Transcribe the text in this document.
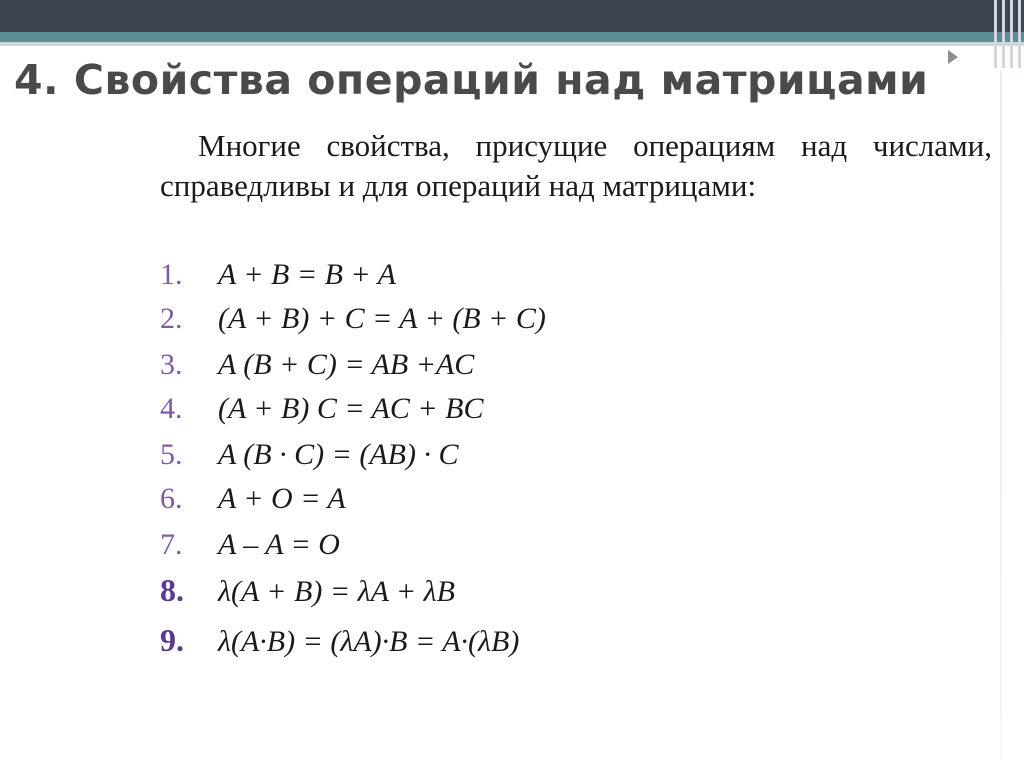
4. Свойства операций над матрицами
Многие свойства, присущие операциям над числами, справедливы и для операций над матрицами:
1. A + B = B + A
2. (A + B) + C = A + (B + C)
3. A (B + C) = AB +AC
4. (A + B) C = AC + BC
5. A (B · C) = (AB) · C
6. A + O = A
7. A – A = O
8. λ(A + B) = λA + λB
9. λ(A·B) = (λA)·B = A·(λB)
